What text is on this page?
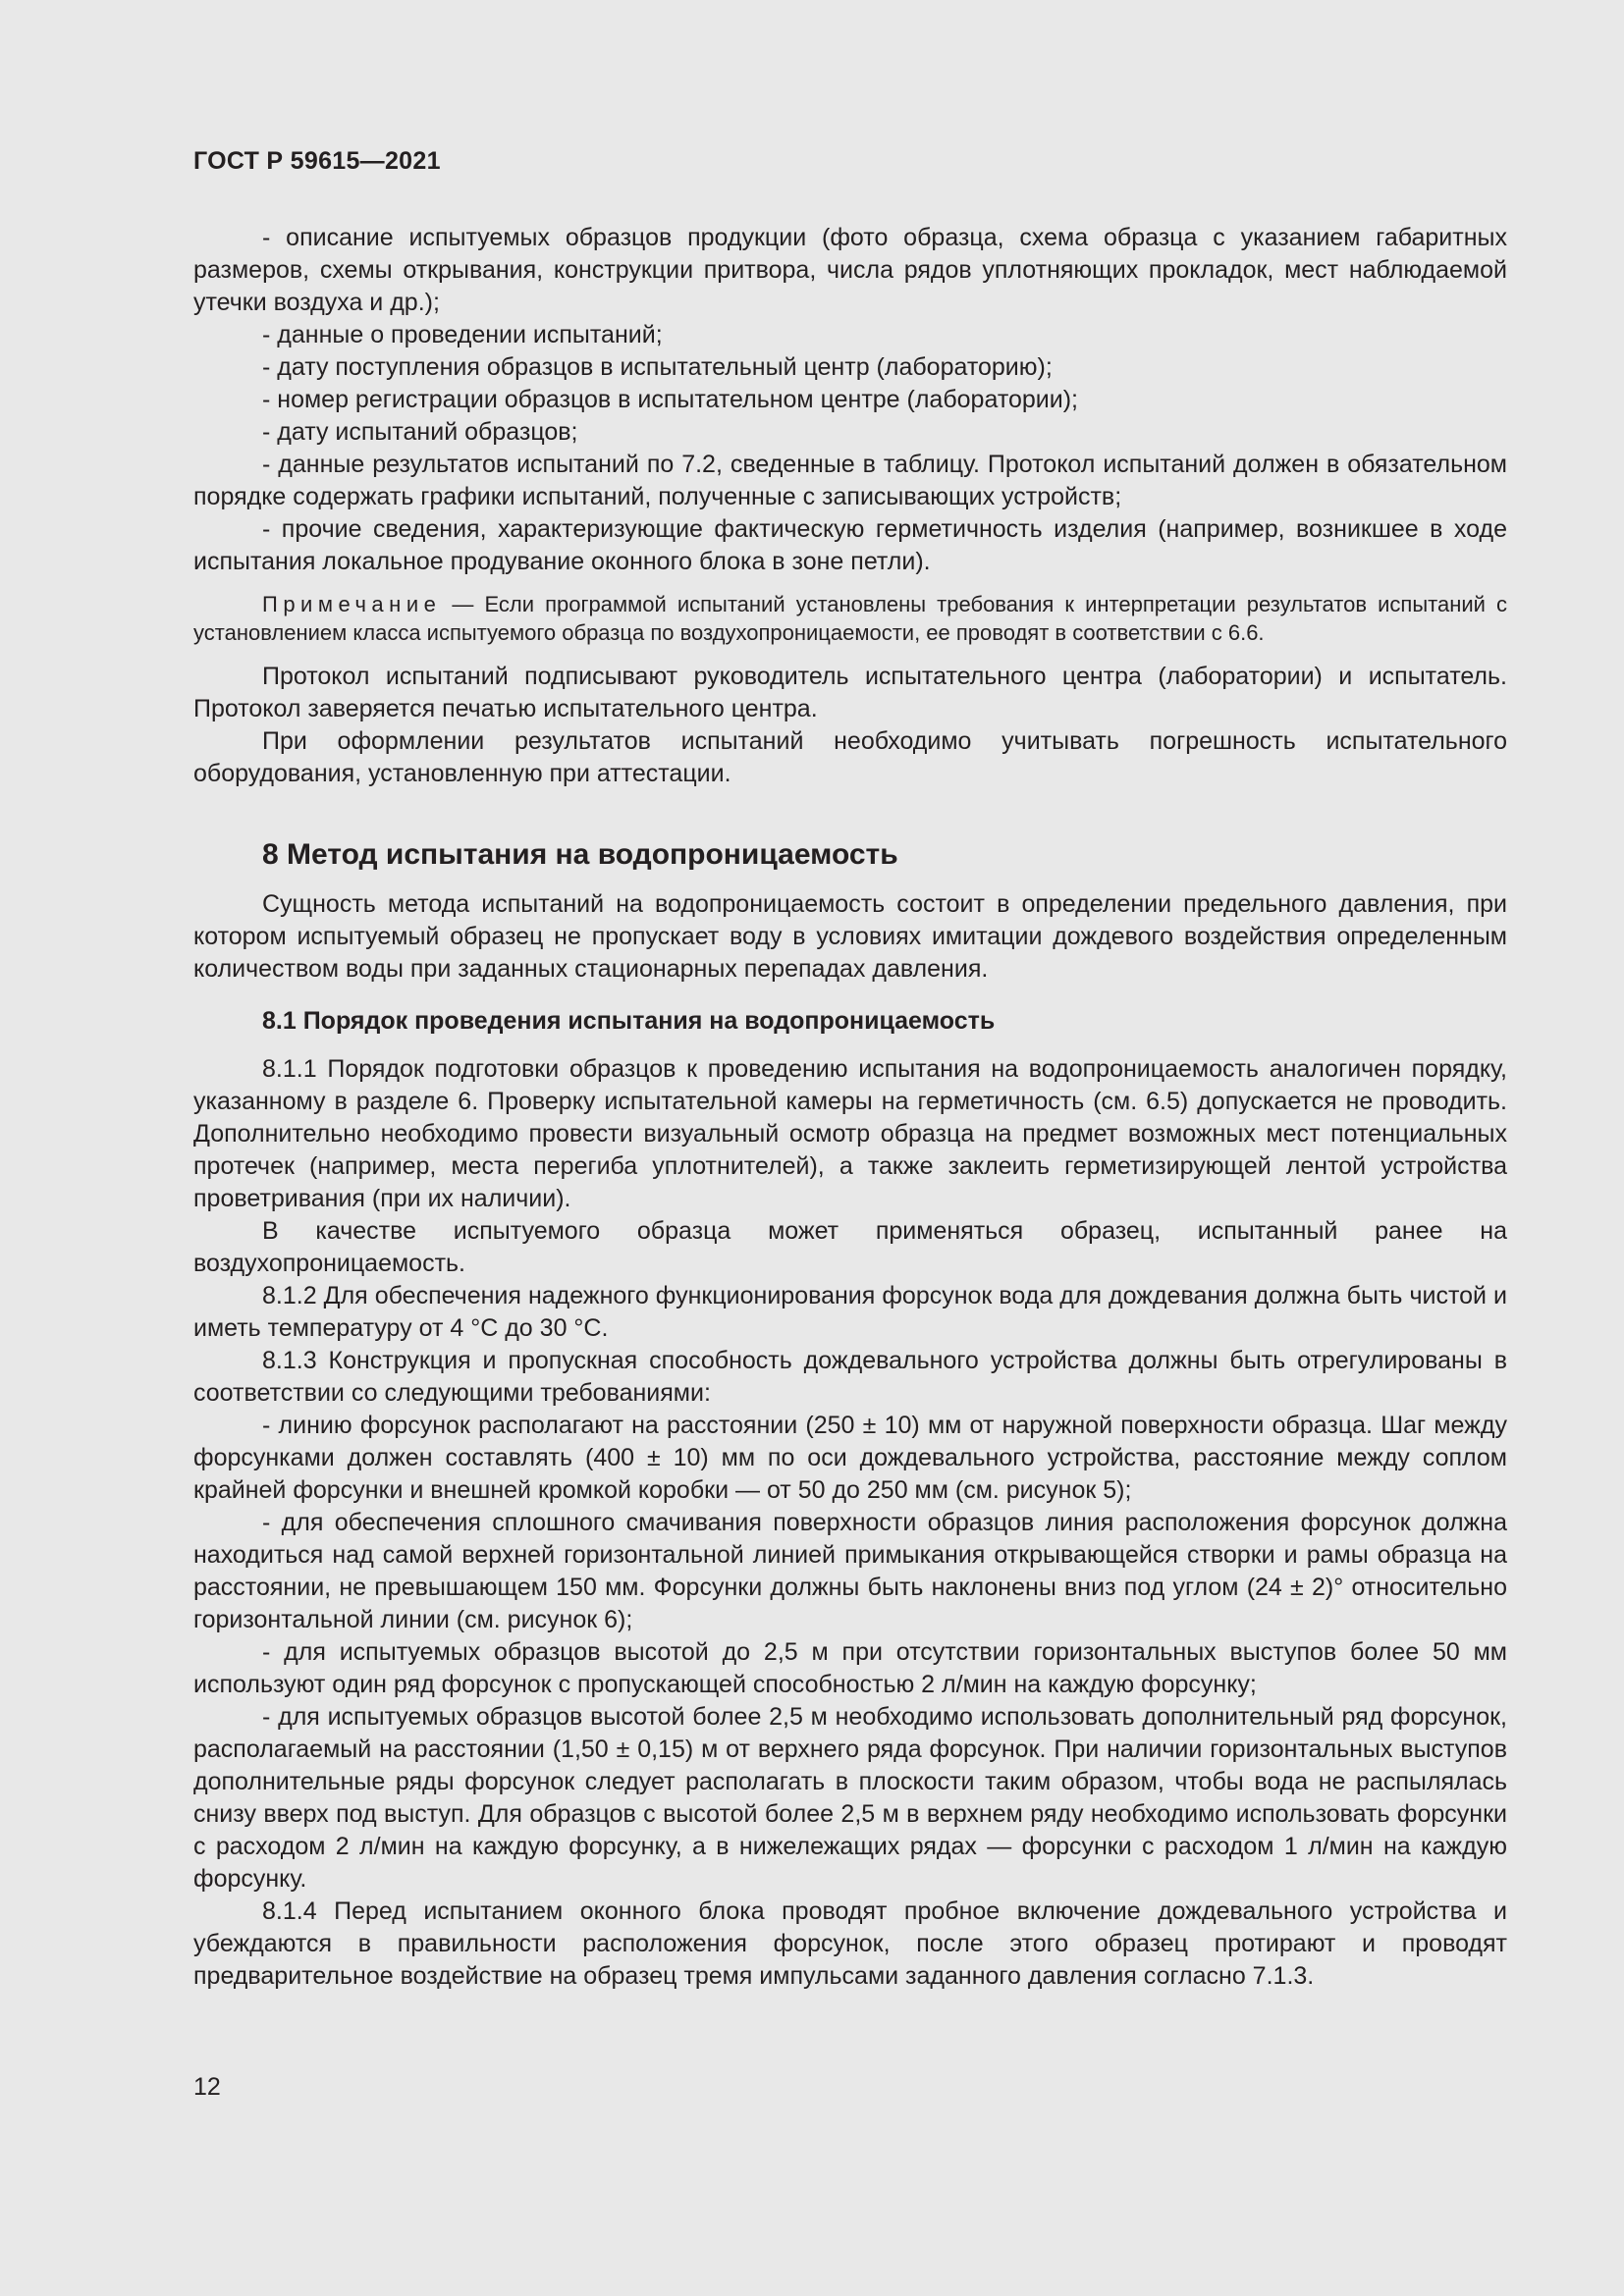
ГОСТ Р 59615—2021

- описание испытуемых образцов продукции (фото образца, схема образца с указанием габаритных размеров, схемы открывания, конструкции притвора, числа рядов уплотняющих прокладок, мест наблюдаемой утечки воздуха и др.);

- данные о проведении испытаний;

- дату поступления образцов в испытательный центр (лабораторию);

- номер регистрации образцов в испытательном центре (лаборатории);

- дату испытаний образцов;

- данные результатов испытаний по 7.2, сведенные в таблицу. Протокол испытаний должен в обязательном порядке содержать графики испытаний, полученные с записывающих устройств;

- прочие сведения, характеризующие фактическую герметичность изделия (например, возникшее в ходе испытания локальное продувание оконного блока в зоне петли).

Примечание — Если программой испытаний установлены требования к интерпретации результатов испытаний с установлением класса испытуемого образца по воздухопроницаемости, ее проводят в соответствии с 6.6.

Протокол испытаний подписывают руководитель испытательного центра (лаборатории) и испытатель. Протокол заверяется печатью испытательного центра.

При оформлении результатов испытаний необходимо учитывать погрешность испытательного оборудования, установленную при аттестации.

8 Метод испытания на водопроницаемость

Сущность метода испытаний на водопроницаемость состоит в определении предельного давления, при котором испытуемый образец не пропускает воду в условиях имитации дождевого воздействия определенным количеством воды при заданных стационарных перепадах давления.

8.1 Порядок проведения испытания на водопроницаемость

8.1.1 Порядок подготовки образцов к проведению испытания на водопроницаемость аналогичен порядку, указанному в разделе 6. Проверку испытательной камеры на герметичность (см. 6.5) допускается не проводить. Дополнительно необходимо провести визуальный осмотр образца на предмет возможных мест потенциальных протечек (например, места перегиба уплотнителей), а также заклеить герметизирующей лентой устройства проветривания (при их наличии).

В качестве испытуемого образца может применяться образец, испытанный ранее на воздухопроницаемость.

8.1.2 Для обеспечения надежного функционирования форсунок вода для дождевания должна быть чистой и иметь температуру от 4 °C до 30 °C.

8.1.3 Конструкция и пропускная способность дождевального устройства должны быть отрегулированы в соответствии со следующими требованиями:

- линию форсунок располагают на расстоянии (250 ± 10) мм от наружной поверхности образца. Шаг между форсунками должен составлять (400 ± 10) мм по оси дождевального устройства, расстояние между соплом крайней форсунки и внешней кромкой коробки — от 50 до 250 мм (см. рисунок 5);

- для обеспечения сплошного смачивания поверхности образцов линия расположения форсунок должна находиться над самой верхней горизонтальной линией примыкания открывающейся створки и рамы образца на расстоянии, не превышающем 150 мм. Форсунки должны быть наклонены вниз под углом (24 ± 2)° относительно горизонтальной линии (см. рисунок 6);

- для испытуемых образцов высотой до 2,5 м при отсутствии горизонтальных выступов более 50 мм используют один ряд форсунок с пропускающей способностью 2 л/мин на каждую форсунку;

- для испытуемых образцов высотой более 2,5 м необходимо использовать дополнительный ряд форсунок, располагаемый на расстоянии (1,50 ± 0,15) м от верхнего ряда форсунок. При наличии горизонтальных выступов дополнительные ряды форсунок следует располагать в плоскости таким образом, чтобы вода не распылялась снизу вверх под выступ. Для образцов с высотой более 2,5 м в верхнем ряду необходимо использовать форсунки с расходом 2 л/мин на каждую форсунку, а в нижележащих рядах — форсунки с расходом 1 л/мин на каждую форсунку.

8.1.4 Перед испытанием оконного блока проводят пробное включение дождевального устройства и убеждаются в правильности расположения форсунок, после этого образец протирают и проводят предварительное воздействие на образец тремя импульсами заданного давления согласно 7.1.3.

12
